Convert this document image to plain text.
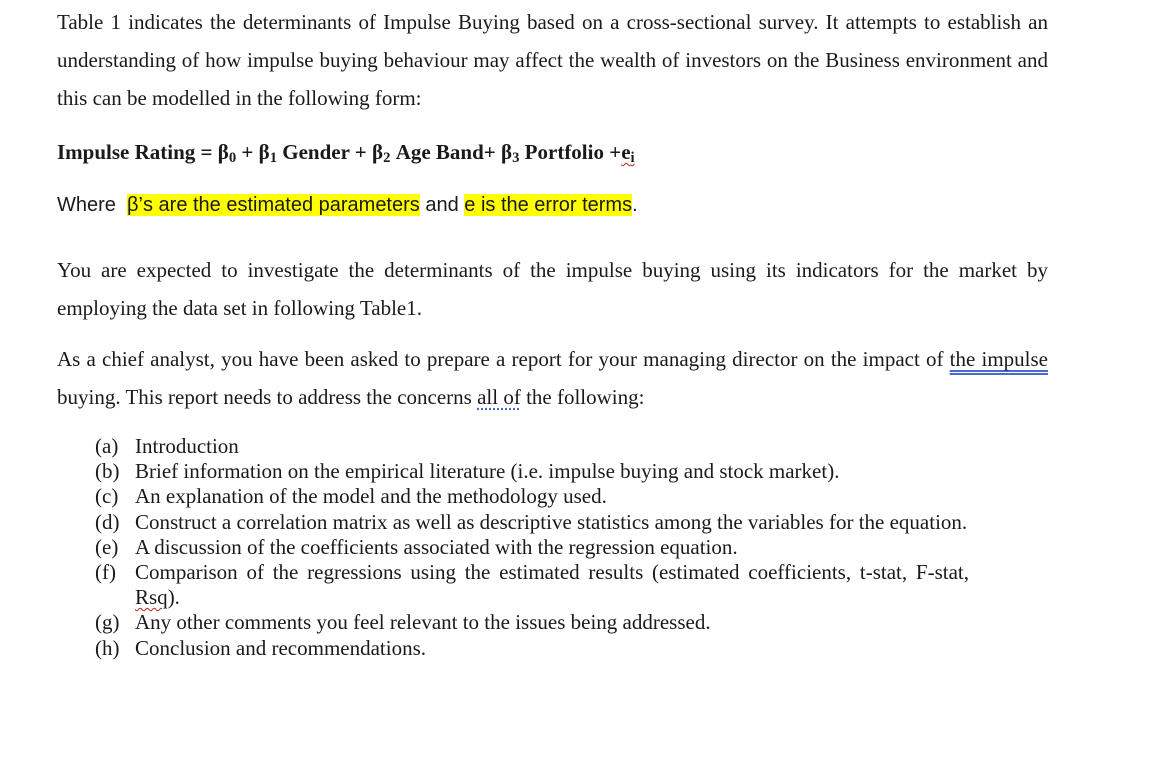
Table 1 indicates the determinants of Impulse Buying based on a cross-sectional survey. It attempts to establish an understanding of how impulse buying behaviour may affect the wealth of investors on the Business environment and this can be modelled in the following form:

Impulse Rating = $\beta_0 + \beta_1$ Gender + $\beta_2$ Age Band+ $\beta_3$ Portfolio $+e_i$

Where  β’s are the estimated parameters and e is the error terms.

You are expected to investigate the determinants of the impulse buying using its indicators for the market by employing the data set in following Table1.

As a chief analyst, you have been asked to prepare a report for your managing director on the impact of the impulse buying. This report needs to address the concerns all of the following:

(a) Introduction
(b) Brief information on the empirical literature (i.e. impulse buying and stock market).
(c) An explanation of the model and the methodology used.
(d) Construct a correlation matrix as well as descriptive statistics among the variables for the equation.
(e) A discussion of the coefficients associated with the regression equation.
(f) Comparison of the regressions using the estimated results (estimated coefficients, t-stat, F-stat, Rsq).
(g) Any other comments you feel relevant to the issues being addressed.
(h) Conclusion and recommendations.
